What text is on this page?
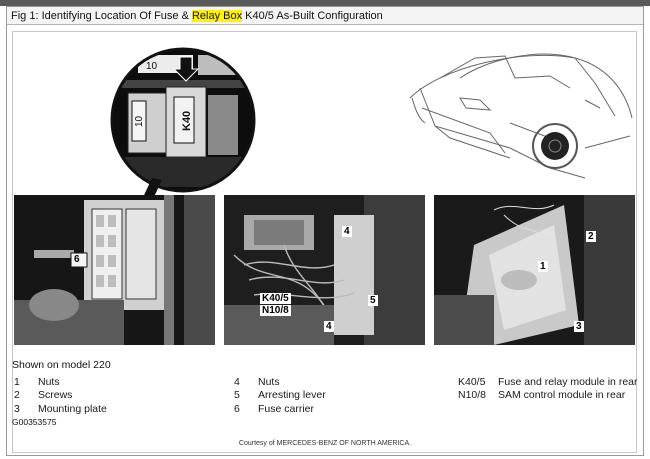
Fig 1: Identifying Location Of Fuse & Relay Box K40/5 As-Built Configuration
10
10	K40
6
4
5
4
K40/5
N10/8
1
2
3
Shown on model 220
1 Nuts
2 Screws
3 Mounting plate
4 Nuts
5 Arresting lever
6 Fuse carrier
K40/5 Fuse and relay module in rear
N10/8 SAM control module in rear
G00353575
Courtesy of MERCEDES-BENZ OF NORTH AMERICA.
